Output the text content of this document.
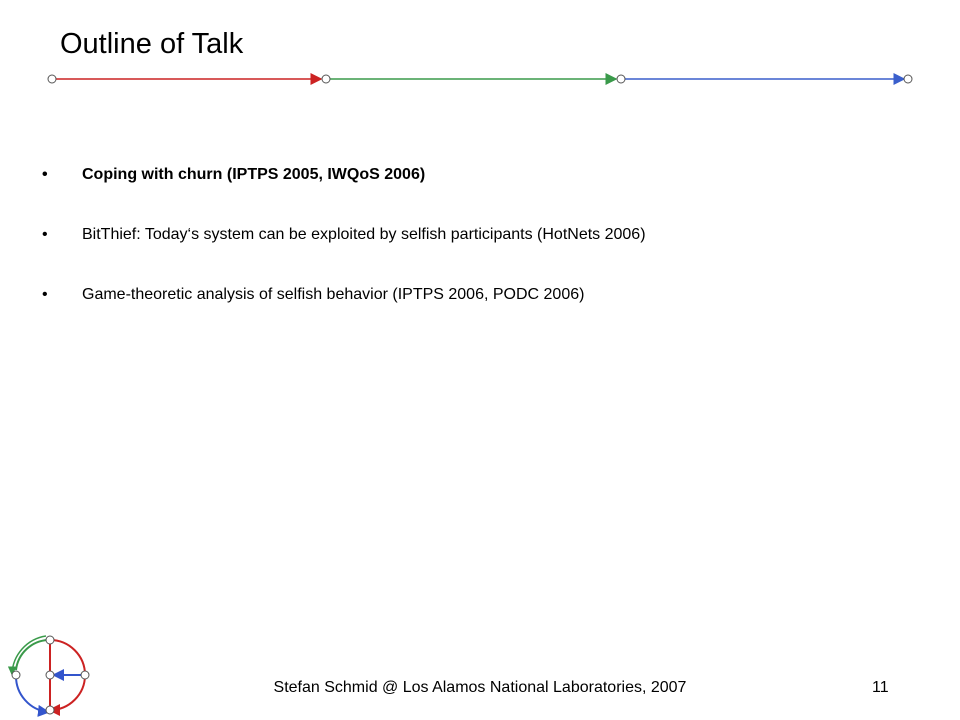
Outline of Talk
• Coping with churn (IPTPS 2005, IWQoS 2006)
• BitThief: Today‘s system can be exploited by selfish participants (HotNets 2006)
• Game-theoretic analysis of selfish behavior (IPTPS 2006, PODC 2006)
Stefan Schmid @ Los Alamos National Laboratories, 2007	11
